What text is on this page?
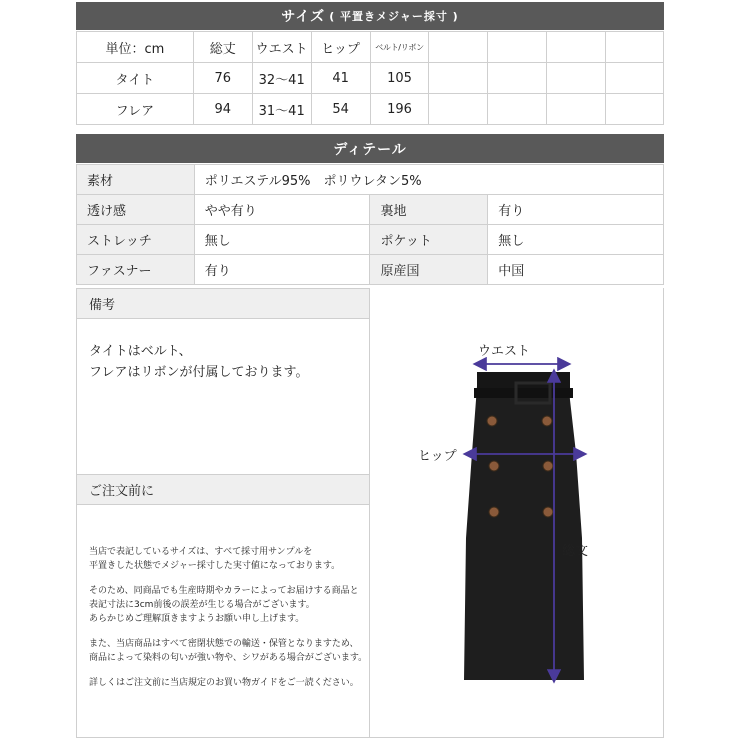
サイズ ( 平置きメジャー採寸 )
単位：cm	総丈	ウエスト	ヒップ	ベルト/リボン				
タイト	76	32〜41	41	105				
フレア	94	31〜41	54	196				
ディテール
素材	ポリエステル95%　ポリウレタン5%		
透け感	やや有り	裏地	有り
ストレッチ	無し	ポケット	無し
ファスナー	有り	原産国	中国
備考

タイトはベルト、

フレアはリボンが付属しております。

ご注文前に

当店で表記しているサイズは、すべて採寸用サンプルを
平置きした状態でメジャー採寸した実寸値になっております。

そのため、同商品でも生産時期やカラーによってお届けする商品と
表記寸法に3cm前後の誤差が生じる場合がございます。
あらかじめご理解頂きますようお願い申し上げます。

また、当店商品はすべて密閉状態での輸送・保管となりますため、
商品によって染料の匂いが強い物や、シワがある場合がございます。

詳しくはご注文前に当店規定のお買い物ガイドをご一読ください。

ウエスト
ヒップ
総文
